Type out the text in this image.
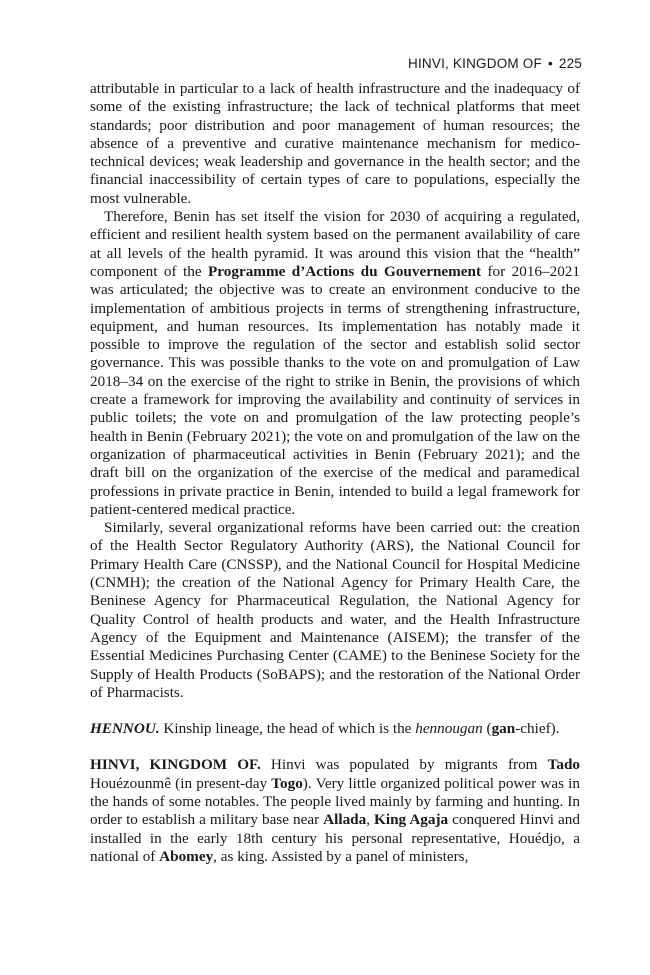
HINVI, KINGDOM OF • 225

attributable in particular to a lack of health infrastructure and the inadequacy of some of the existing infrastructure; the lack of technical platforms that meet standards; poor distribution and poor management of human resources; the absence of a preventive and curative maintenance mechanism for medicotechnical devices; weak leadership and governance in the health sector; and the financial inaccessibility of certain types of care to populations, especially the most vulnerable.

Therefore, Benin has set itself the vision for 2030 of acquiring a regulated, efficient and resilient health system based on the permanent availability of care at all levels of the health pyramid. It was around this vision that the “health” component of the Programme d’Actions du Gouvernement for 2016–2021 was articulated; the objective was to create an environment conducive to the implementation of ambitious projects in terms of strengthening infrastructure, equipment, and human resources. Its implementation has notably made it possible to improve the regulation of the sector and establish solid sector governance. This was possible thanks to the vote on and promulgation of Law 2018–34 on the exercise of the right to strike in Benin, the provisions of which create a framework for improving the availability and continuity of services in public toilets; the vote on and promulgation of the law protecting people’s health in Benin (February 2021); the vote on and promulgation of the law on the organization of pharmaceutical activities in Benin (February 2021); and the draft bill on the organization of the exercise of the medical and paramedical professions in private practice in Benin, intended to build a legal framework for patient-centered medical practice.

Similarly, several organizational reforms have been carried out: the creation of the Health Sector Regulatory Authority (ARS), the National Council for Primary Health Care (CNSSP), and the National Council for Hospital Medicine (CNMH); the creation of the National Agency for Primary Health Care, the Beninese Agency for Pharmaceutical Regulation, the National Agency for Quality Control of health products and water, and the Health Infrastructure Agency of the Equipment and Maintenance (AISEM); the transfer of the Essential Medicines Purchasing Center (CAME) to the Beninese Society for the Supply of Health Products (SoBAPS); and the restoration of the National Order of Pharmacists.

HENNOU. Kinship lineage, the head of which is the hennougan (gan-chief).

HINVI, KINGDOM OF. Hinvi was populated by migrants from Tado Houézounmê (in present-day Togo). Very little organized political power was in the hands of some notables. The people lived mainly by farming and hunting. In order to establish a military base near Allada, King Agaja conquered Hinvi and installed in the early 18th century his personal representative, Houédjo, a national of Abomey, as king. Assisted by a panel of ministers,
